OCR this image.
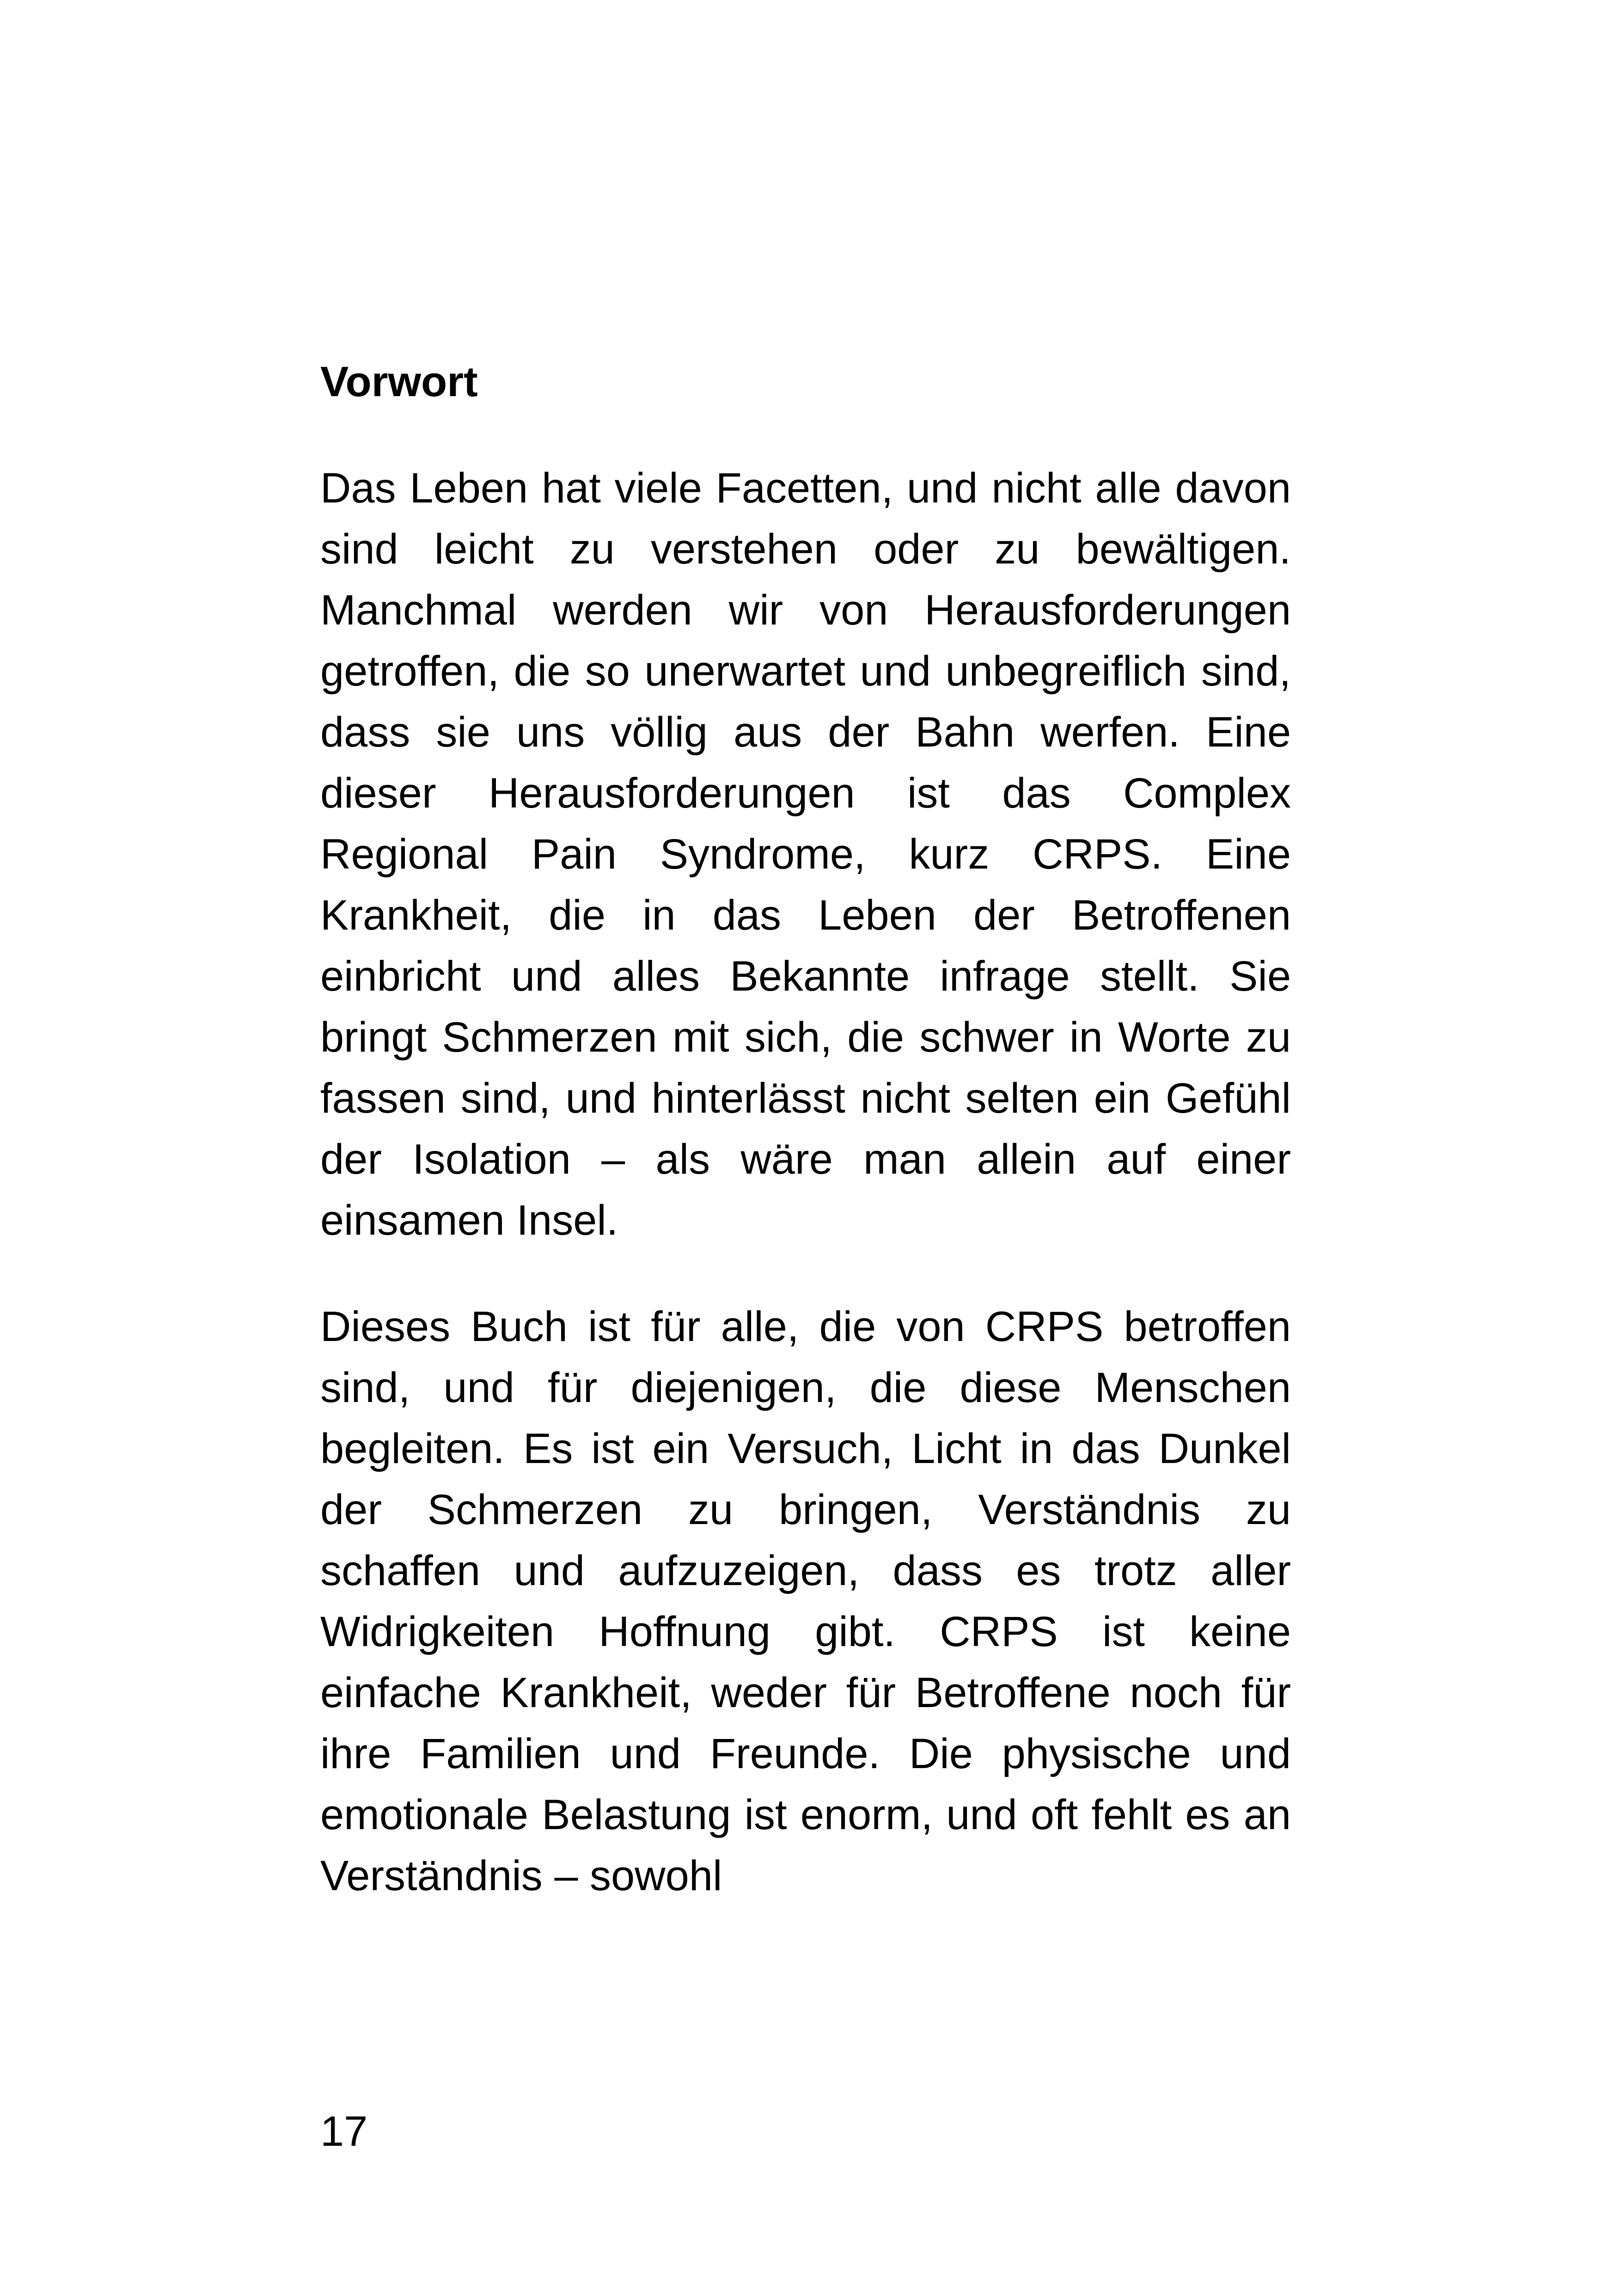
Vorwort

Das Leben hat viele Facetten, und nicht alle davon sind leicht zu verstehen oder zu bewältigen. Manchmal werden wir von Herausforderungen getroffen, die so unerwartet und unbegreiflich sind, dass sie uns völlig aus der Bahn werfen. Eine dieser Herausforderungen ist das Complex Regional Pain Syndrome, kurz CRPS. Eine Krankheit, die in das Leben der Betroffenen einbricht und alles Bekannte infrage stellt. Sie bringt Schmerzen mit sich, die schwer in Worte zu fassen sind, und hinterlässt nicht selten ein Gefühl der Isolation – als wäre man allein auf einer einsamen Insel.

Dieses Buch ist für alle, die von CRPS betroffen sind, und für diejenigen, die diese Menschen begleiten. Es ist ein Versuch, Licht in das Dunkel der Schmerzen zu bringen, Verständnis zu schaffen und aufzuzeigen, dass es trotz aller Widrigkeiten Hoffnung gibt. CRPS ist keine einfache Krankheit, weder für Betroffene noch für ihre Familien und Freunde. Die physische und emotionale Belastung ist enorm, und oft fehlt es an Verständnis – sowohl

17
